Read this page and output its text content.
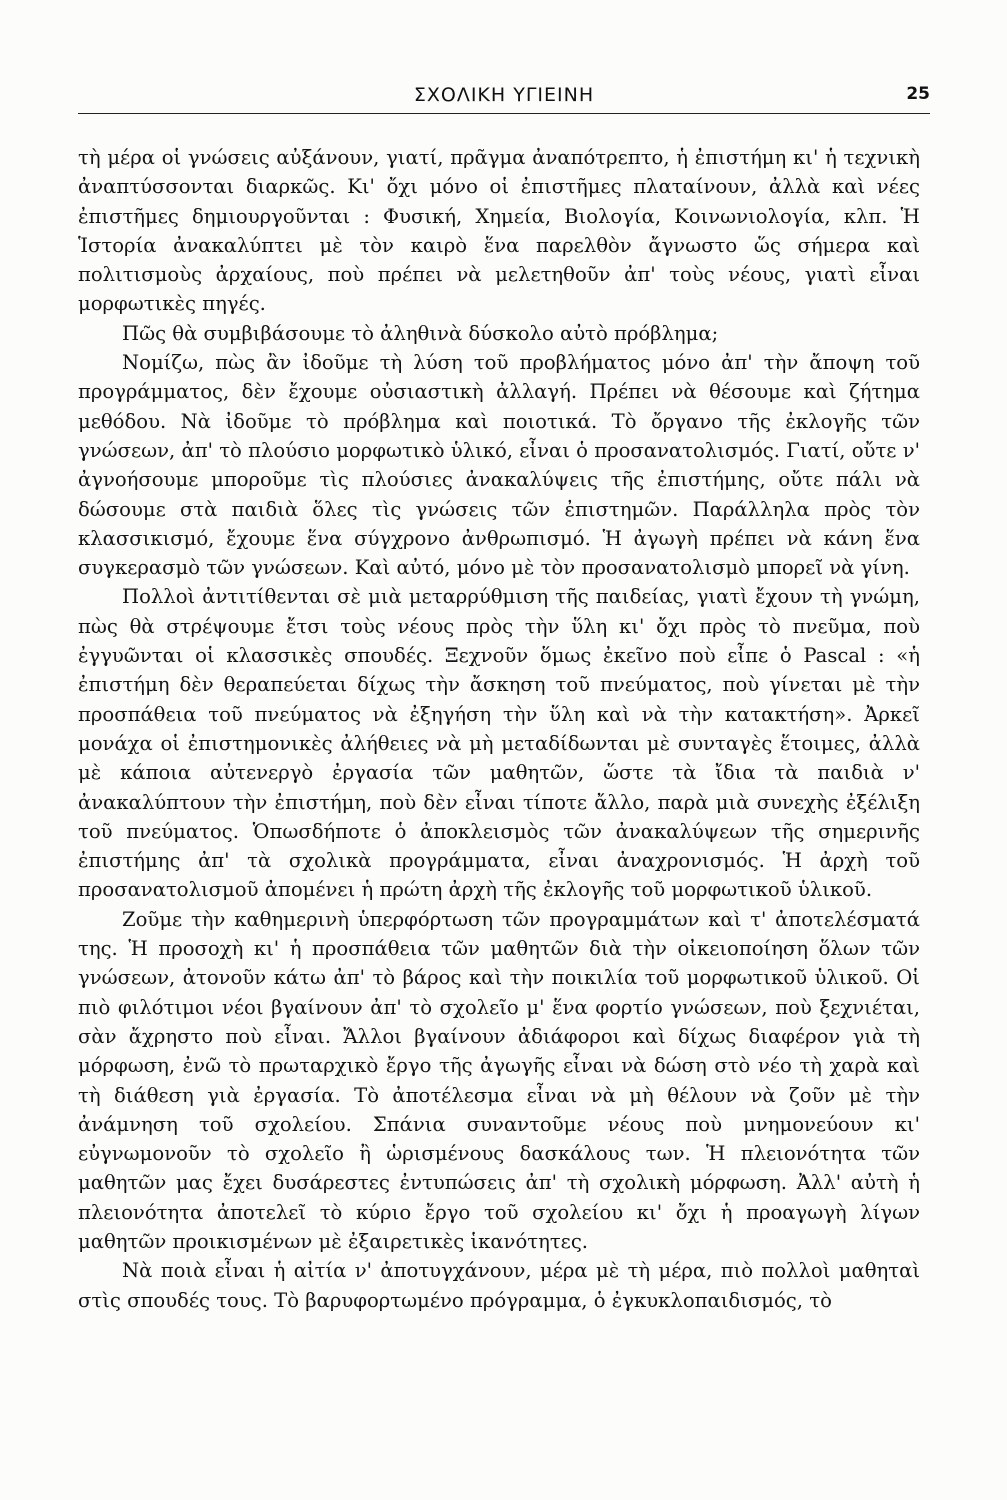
ΣΧΟΛΙΚΗ ΥΓΙΕΙΝΗ	25

τὴ μέρα οἱ γνώσεις αὐξάνουν, γιατί, πρᾶγμα ἀναπότρεπτο, ἡ ἐπιστήμη κι' ἡ τεχνικὴ ἀναπτύσσονται διαρκῶς. Κι' ὄχι μόνο οἱ ἐπιστῆμες πλαταίνουν, ἀλλὰ καὶ νέες ἐπιστῆμες δημιουργοῦνται : Φυσική, Χημεία, Βιολογία, Κοινωνιολογία, κλπ. Ἡ Ἱστορία ἀνακαλύπτει μὲ τὸν καιρὸ ἕνα παρελθὸν ἄγνωστο ὥς σήμερα καὶ πολιτισμοὺς ἀρχαίους, ποὺ πρέπει νὰ μελετηθοῦν ἀπ' τοὺς νέους, γιατὶ εἶναι μορφωτικὲς πηγές.

Πῶς θὰ συμβιβάσουμε τὸ ἀληθινὰ δύσκολο αὐτὸ πρόβλημα;

Νομίζω, πὼς ἂν ἰδοῦμε τὴ λύση τοῦ προβλήματος μόνο ἀπ' τὴν ἄποψη τοῦ προγράμματος, δὲν ἔχουμε οὐσιαστικὴ ἀλλαγή. Πρέπει νὰ θέσουμε καὶ ζήτημα μεθόδου. Νὰ ἰδοῦμε τὸ πρόβλημα καὶ ποιοτικά. Τὸ ὄργανο τῆς ἐκλογῆς τῶν γνώσεων, ἀπ' τὸ πλούσιο μορφωτικὸ ὑλικό, εἶναι ὁ προσανατολισμός. Γιατί, οὔτε ν' ἀγνοήσουμε μποροῦμε τὶς πλούσιες ἀνακαλύψεις τῆς ἐπιστήμης, οὔτε πάλι νὰ δώσουμε στὰ παιδιὰ ὅλες τὶς γνώσεις τῶν ἐπιστημῶν. Παράλληλα πρὸς τὸν κλασσικισμό, ἔχουμε ἕνα σύγχρονο ἀνθρωπισμό. Ἡ ἀγωγὴ πρέπει νὰ κάνη ἕνα συγκερασμὸ τῶν γνώσεων. Καὶ αὐτό, μόνο μὲ τὸν προσανατολισμὸ μπορεῖ νὰ γίνη.

Πολλοὶ ἀντιτίθενται σὲ μιὰ μεταρρύθμιση τῆς παιδείας, γιατὶ ἔχουν τὴ γνώμη, πὼς θὰ στρέψουμε ἔτσι τοὺς νέους πρὸς τὴν ὕλη κι' ὄχι πρὸς τὸ πνεῦμα, ποὺ ἐγγυῶνται οἱ κλασσικὲς σπουδές. Ξεχνοῦν ὅμως ἐκεῖνο ποὺ εἶπε ὁ Pascal : «ἡ ἐπιστήμη δὲν θεραπεύεται δίχως τὴν ἄσκηση τοῦ πνεύματος, ποὺ γίνεται μὲ τὴν προσπάθεια τοῦ πνεύματος νὰ ἐξηγήση τὴν ὕλη καὶ νὰ τὴν κατακτήση». Ἀρκεῖ μονάχα οἱ ἐπιστημονικὲς ἀλήθειες νὰ μὴ μεταδίδωνται μὲ συνταγὲς ἕτοιμες, ἀλλὰ μὲ κάποια αὐτενεργὸ ἐργασία τῶν μαθητῶν, ὥστε τὰ ἴδια τὰ παιδιὰ ν' ἀνακαλύπτουν τὴν ἐπιστήμη, ποὺ δὲν εἶναι τίποτε ἄλλο, παρὰ μιὰ συνεχὴς ἐξέλιξη τοῦ πνεύματος. Ὁπωσδήποτε ὁ ἀποκλεισμὸς τῶν ἀνακαλύψεων τῆς σημερινῆς ἐπιστήμης ἀπ' τὰ σχολικὰ προγράμματα, εἶναι ἀναχρονισμός. Ἡ ἀρχὴ τοῦ προσανατολισμοῦ ἀπομένει ἡ πρώτη ἀρχὴ τῆς ἐκλογῆς τοῦ μορφωτικοῦ ὑλικοῦ.

Ζοῦμε τὴν καθημερινὴ ὑπερφόρτωση τῶν προγραμμάτων καὶ τ' ἀποτελέσματά της. Ἡ προσοχὴ κι' ἡ προσπάθεια τῶν μαθητῶν διὰ τὴν οἰκειοποίηση ὅλων τῶν γνώσεων, ἀτονοῦν κάτω ἀπ' τὸ βάρος καὶ τὴν ποικιλία τοῦ μορφωτικοῦ ὑλικοῦ. Οἱ πιὸ φιλότιμοι νέοι βγαίνουν ἀπ' τὸ σχολεῖο μ' ἕνα φορτίο γνώσεων, ποὺ ξεχνιέται, σὰν ἄχρηστο ποὺ εἶναι. Ἄλλοι βγαίνουν ἀδιάφοροι καὶ δίχως διαφέρον γιὰ τὴ μόρφωση, ἐνῶ τὸ πρωταρχικὸ ἔργο τῆς ἀγωγῆς εἶναι νὰ δώση στὸ νέο τὴ χαρὰ καὶ τὴ διάθεση γιὰ ἐργασία. Τὸ ἀποτέλεσμα εἶναι νὰ μὴ θέλουν νὰ ζοῦν μὲ τὴν ἀνάμνηση τοῦ σχολείου. Σπάνια συναντοῦμε νέους ποὺ μνημονεύουν κι' εὐγνωμονοῦν τὸ σχολεῖο ἢ ὡρισμένους δασκάλους των. Ἡ πλειονότητα τῶν μαθητῶν μας ἔχει δυσάρεστες ἐντυπώσεις ἀπ' τὴ σχολικὴ μόρφωση. Ἀλλ' αὐτὴ ἡ πλειονότητα ἀποτελεῖ τὸ κύριο ἔργο τοῦ σχολείου κι' ὄχι ἡ προαγωγὴ λίγων μαθητῶν προικισμένων μὲ ἐξαιρετικὲς ἱκανότητες.

Νὰ ποιὰ εἶναι ἡ αἰτία ν' ἀποτυγχάνουν, μέρα μὲ τὴ μέρα, πιὸ πολλοὶ μαθηταὶ στὶς σπουδές τους. Τὸ βαρυφορτωμένο πρόγραμμα, ὁ ἐγκυκλοπαιδισμός, τὸ
